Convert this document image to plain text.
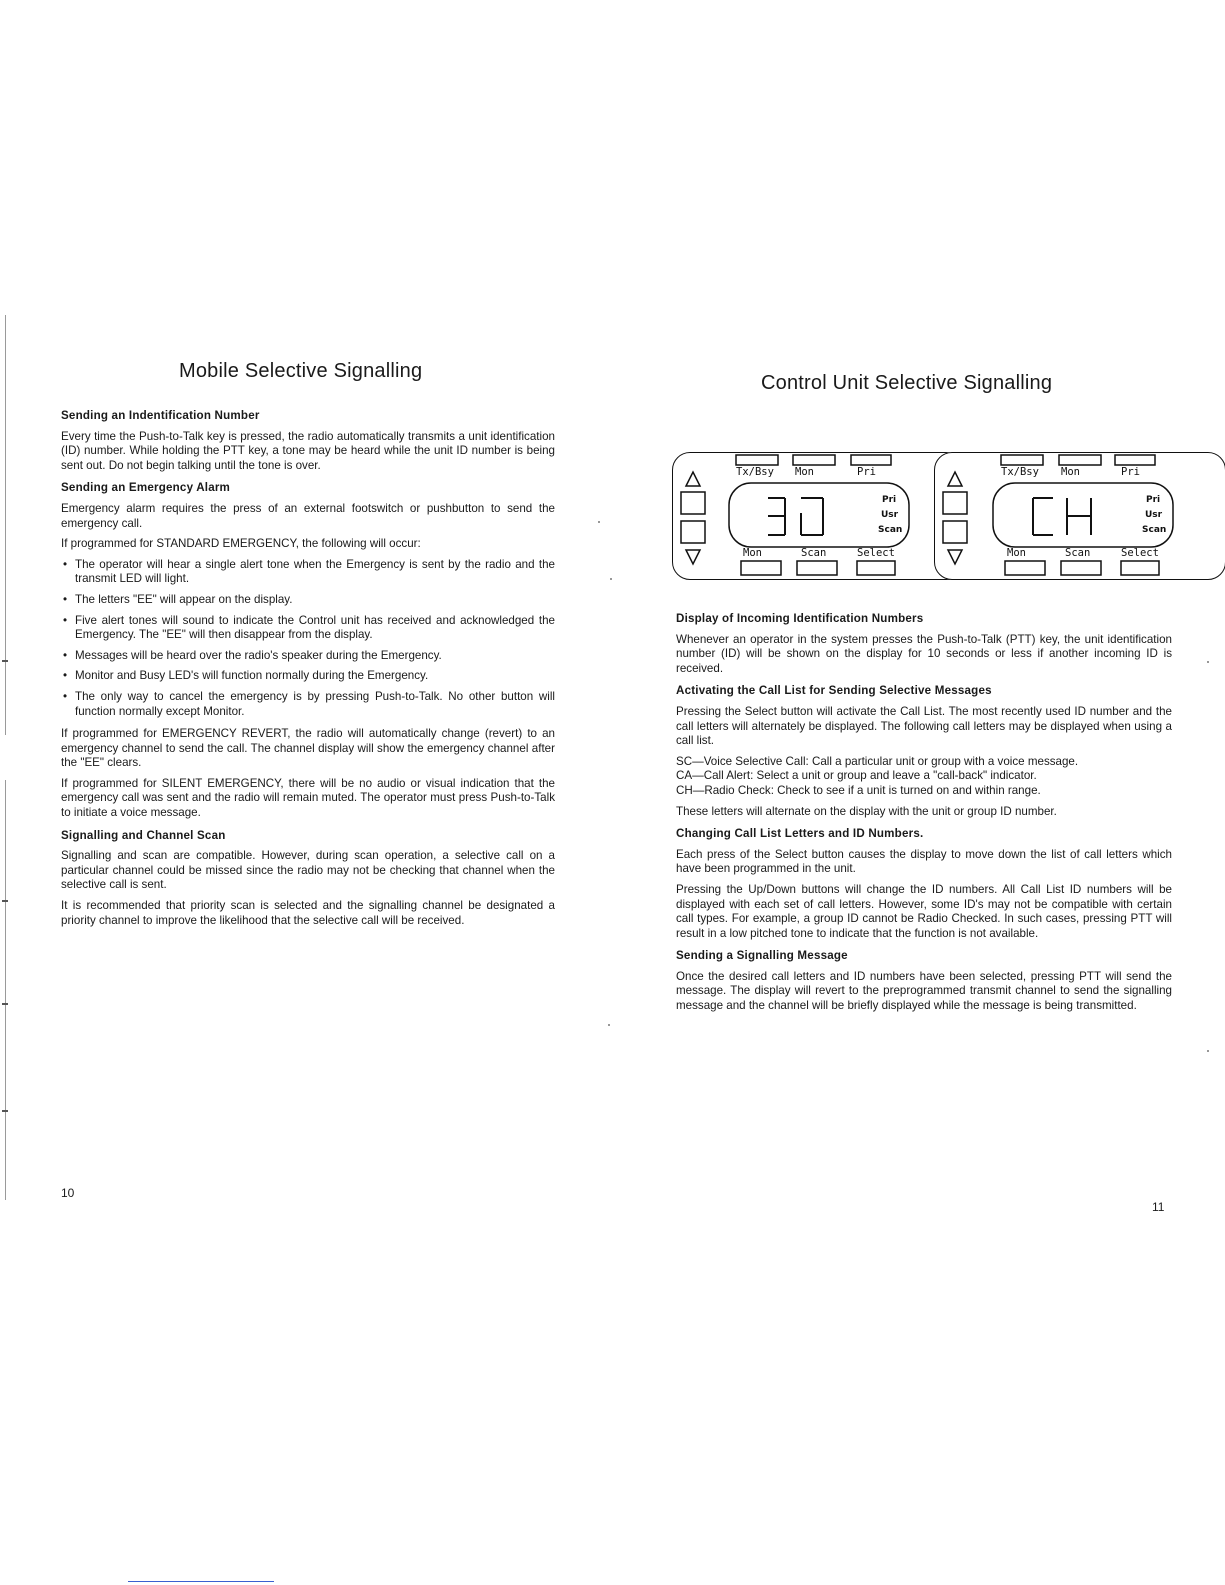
Mobile Selective Signalling
Sending an Indentification Number

Every time the Push-to-Talk key is pressed, the radio automatically transmits a unit identification (ID) number. While holding the PTT key, a tone may be heard while the unit ID number is being sent out. Do not begin talking until the tone is over.

Sending an Emergency Alarm

Emergency alarm requires the press of an external footswitch or pushbutton to send the emergency call.

If programmed for STANDARD EMERGENCY, the following will occur:

• The operator will hear a single alert tone when the Emergency is sent by the radio and the transmit LED will light.
• The letters "EE" will appear on the display.
• Five alert tones will sound to indicate the Control unit has received and acknowledged the Emergency. The "EE" will then disappear from the display.
• Messages will be heard over the radio's speaker during the Emergency.
• Monitor and Busy LED's will function normally during the Emergency.
• The only way to cancel the emergency is by pressing Push-to-Talk. No other button will function normally except Monitor.

If programmed for EMERGENCY REVERT, the radio will automatically change (revert) to an emergency channel to send the call. The channel display will show the emergency channel after the "EE" clears.

If programmed for SILENT EMERGENCY, there will be no audio or visual indication that the emergency call was sent and the radio will remain muted. The operator must press Push-to-Talk to initiate a voice message.

Signalling and Channel Scan

Signalling and scan are compatible. However, during scan operation, a selective call on a particular channel could be missed since the radio may not be checking that channel when the selective call is sent.

It is recommended that priority scan is selected and the signalling channel be designated a priority channel to improve the likelihood that the selective call will be received.

10
Control Unit Selective Signalling
Tx/Bsy Mon	Pri
Pri
Usr
Scan
Mon	Scan	Select
Tx/Bsy Mon	Pri
Pri
Usr
Scan
Mon	Scan	Select
Display of Incoming Identification Numbers

Whenever an operator in the system presses the Push-to-Talk (PTT) key, the unit identification number (ID) will be shown on the display for 10 seconds or less if another incoming ID is received.

Activating the Call List for Sending Selective Messages

Pressing the Select button will activate the Call List. The most recently used ID number and the call letters will alternately be displayed. The following call letters may be displayed when using a call list.

SC—Voice Selective Call: Call a particular unit or group with a voice message.

CA—Call Alert: Select a unit or group and leave a "call-back" indicator.

CH—Radio Check: Check to see if a unit is turned on and within range.

These letters will alternate on the display with the unit or group ID number.

Changing Call List Letters and ID Numbers.

Each press of the Select button causes the display to move down the list of call letters which have been programmed in the unit.

Pressing the Up/Down buttons will change the ID numbers. All Call List ID numbers will be displayed with each set of call letters. However, some ID's may not be compatible with certain call types. For example, a group ID cannot be Radio Checked. In such cases, pressing PTT will result in a low pitched tone to indicate that the function is not available.

Sending a Signalling Message

Once the desired call letters and ID numbers have been selected, pressing PTT will send the message. The display will revert to the preprogrammed transmit channel to send the signalling message and the channel will be briefly displayed while the message is being transmitted.

11
